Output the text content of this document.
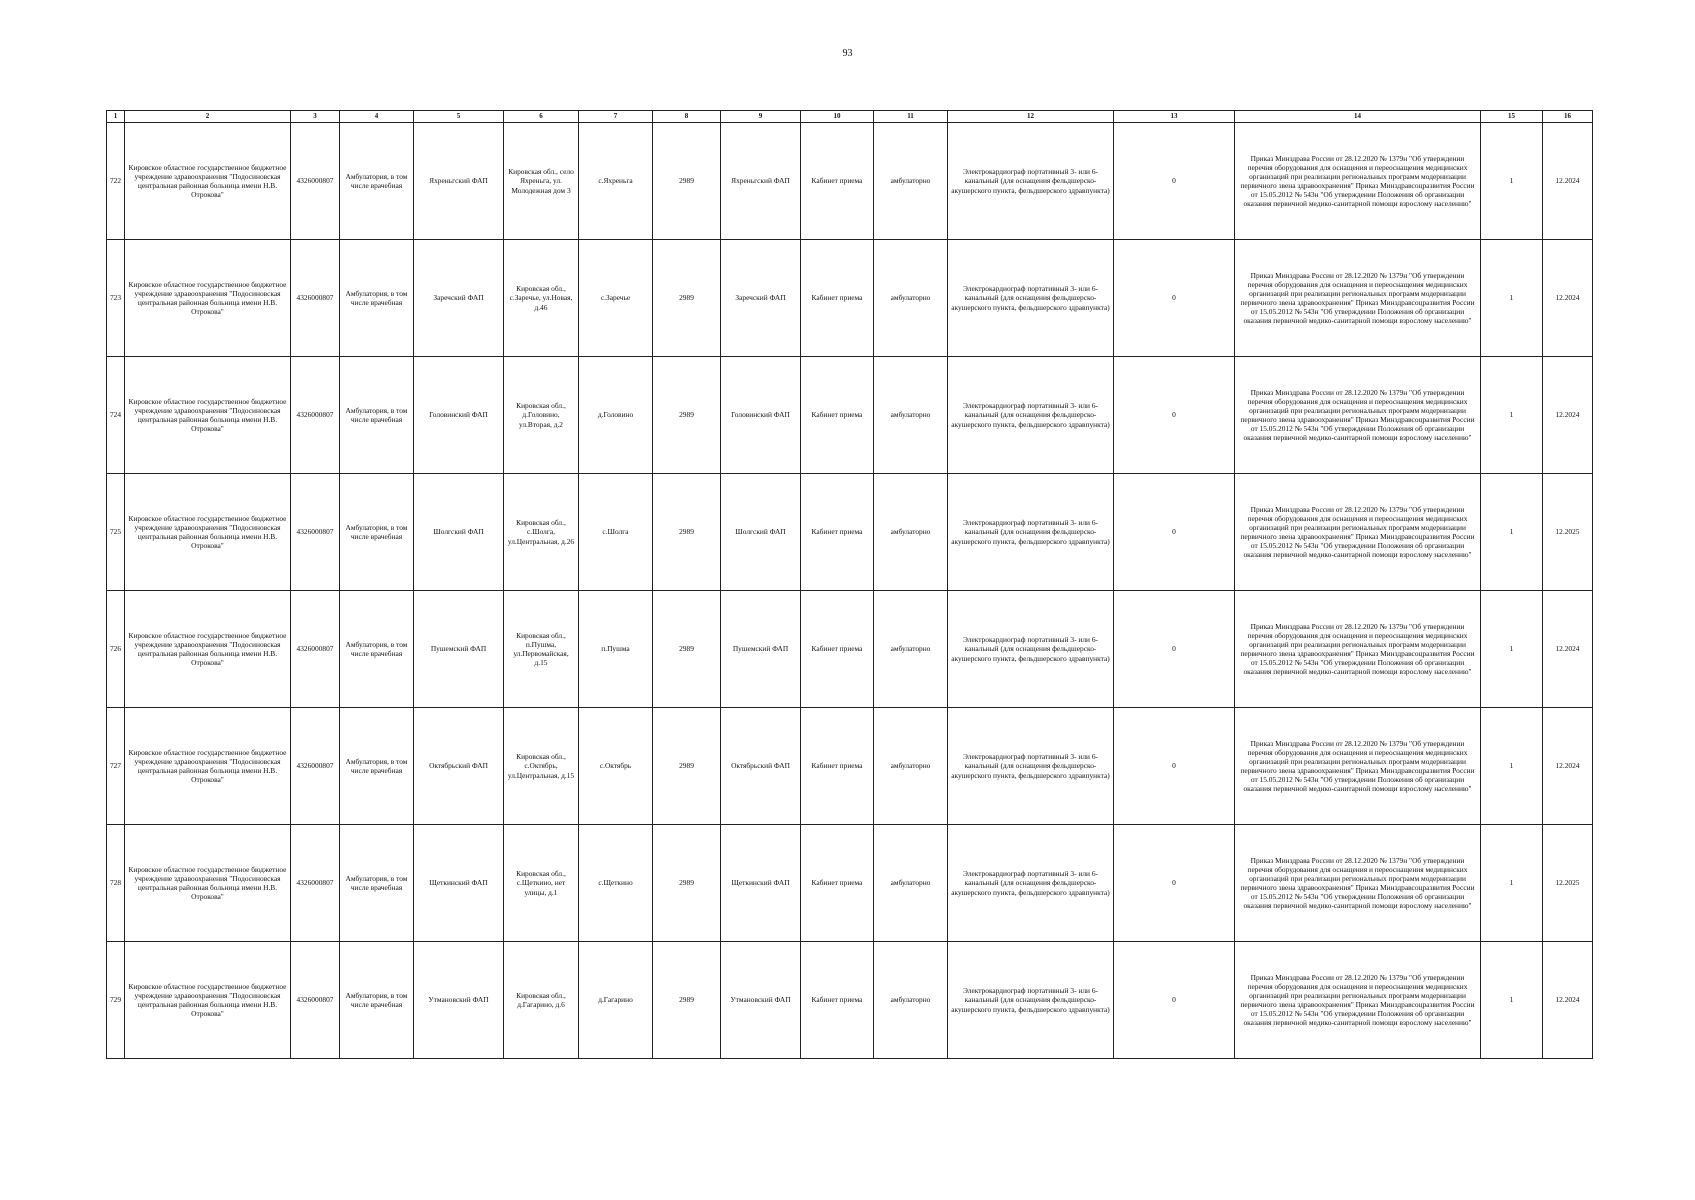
93
1	2	3	4	5	6	7	8	9	10	11	12	13	14	15	16
722	Кировское областное государственное бюджетное учреждение здравоохранения "Подосиновская центральная районная больница имени Н.В. Отрокова"	4326000807	Амбулатория, в том числе врачебная	Яхреньгский ФАП	Кировская обл., село Яхреньга, ул. Молодежная дом 3	с.Яхреньга	2989	Яхреньгский ФАП	Кабинет приема	амбулаторно	Электрокардиограф портативный 3- или 6-канальный (для оснащения фельдшерско-акушерского пункта, фельдшерского здравпункта)	0	Приказ Минздрава России от 28.12.2020 № 1379н "Об утверждении перечня оборудования для оснащения и переоснащения медицинских организаций при реализации региональных программ модернизации первичного звена здравоохранения" Приказ Минздравсоцразвития России от 15.05.2012 № 543н "Об утверждении Положения об организации оказания первичной медико-санитарной помощи взрослому населению"	1	12.2024
723	Кировское областное государственное бюджетное учреждение здравоохранения "Подосиновская центральная районная больница имени Н.В. Отрокова"	4326000807	Амбулатория, в том числе врачебная	Заречский ФАП	Кировская обл., с.Заречье, ул.Новая, д.46	с.Заречье	2989	Заречский ФАП	Кабинет приема	амбулаторно	Электрокардиограф портативный 3- или 6-канальный (для оснащения фельдшерско-акушерского пункта, фельдшерского здравпункта)	0	Приказ Минздрава России от 28.12.2020 № 1379н "Об утверждении перечня оборудования для оснащения и переоснащения медицинских организаций при реализации региональных программ модернизации первичного звена здравоохранения" Приказ Минздравсоцразвития России от 15.05.2012 № 543н "Об утверждении Положения об организации оказания первичной медико-санитарной помощи взрослому населению"	1	12.2024
724	Кировское областное государственное бюджетное учреждение здравоохранения "Подосиновская центральная районная больница имени Н.В. Отрокова"	4326000807	Амбулатория, в том числе врачебная	Головинский ФАП	Кировская обл., д.Головино, ул.Вторая, д.2	д.Головино	2989	Головинский ФАП	Кабинет приема	амбулаторно	Электрокардиограф портативный 3- или 6-канальный (для оснащения фельдшерско-акушерского пункта, фельдшерского здравпункта)	0	Приказ Минздрава России от 28.12.2020 № 1379н "Об утверждении перечня оборудования для оснащения и переоснащения медицинских организаций при реализации региональных программ модернизации первичного звена здравоохранения" Приказ Минздравсоцразвития России от 15.05.2012 № 543н "Об утверждении Положения об организации оказания первичной медико-санитарной помощи взрослому населению"	1	12.2024
725	Кировское областное государственное бюджетное учреждение здравоохранения "Подосиновская центральная районная больница имени Н.В. Отрокова"	4326000807	Амбулатория, в том числе врачебная	Шолгский ФАП	Кировская обл., с.Шолга, ул.Центральная, д.26	с.Шолга	2989	Шолгский ФАП	Кабинет приема	амбулаторно	Электрокардиограф портативный 3- или 6-канальный (для оснащения фельдшерско-акушерского пункта, фельдшерского здравпункта)	0	Приказ Минздрава России от 28.12.2020 № 1379н "Об утверждении перечня оборудования для оснащения и переоснащения медицинских организаций при реализации региональных программ модернизации первичного звена здравоохранения" Приказ Минздравсоцразвития России от 15.05.2012 № 543н "Об утверждении Положения об организации оказания первичной медико-санитарной помощи взрослому населению"	1	12.2025
726	Кировское областное государственное бюджетное учреждение здравоохранения "Подосиновская центральная районная больница имени Н.В. Отрокова"	4326000807	Амбулатория, в том числе врачебная	Пушемский ФАП	Кировская обл., п.Пушма, ул.Первомайская, д.15	п.Пушма	2989	Пушемский ФАП	Кабинет приема	амбулаторно	Электрокардиограф портативный 3- или 6-канальный (для оснащения фельдшерско-акушерского пункта, фельдшерского здравпункта)	0	Приказ Минздрава России от 28.12.2020 № 1379н "Об утверждении перечня оборудования для оснащения и переоснащения медицинских организаций при реализации региональных программ модернизации первичного звена здравоохранения" Приказ Минздравсоцразвития России от 15.05.2012 № 543н "Об утверждении Положения об организации оказания первичной медико-санитарной помощи взрослому населению"	1	12.2024
727	Кировское областное государственное бюджетное учреждение здравоохранения "Подосиновская центральная районная больница имени Н.В. Отрокова"	4326000807	Амбулатория, в том числе врачебная	Октябрьский ФАП	Кировская обл., с.Октябрь, ул.Центральная, д.15	с.Октябрь	2989	Октябрьский ФАП	Кабинет приема	амбулаторно	Электрокардиограф портативный 3- или 6-канальный (для оснащения фельдшерско-акушерского пункта, фельдшерского здравпункта)	0	Приказ Минздрава России от 28.12.2020 № 1379н "Об утверждении перечня оборудования для оснащения и переоснащения медицинских организаций при реализации региональных программ модернизации первичного звена здравоохранения" Приказ Минздравсоцразвития России от 15.05.2012 № 543н "Об утверждении Положения об организации оказания первичной медико-санитарной помощи взрослому населению"	1	12.2024
728	Кировское областное государственное бюджетное учреждение здравоохранения "Подосиновская центральная районная больница имени Н.В. Отрокова"	4326000807	Амбулатория, в том числе врачебная	Щеткинский ФАП	Кировская обл., с.Щеткино, нет улицы, д.1	с.Щеткино	2989	Щеткинский ФАП	Кабинет приема	амбулаторно	Электрокардиограф портативный 3- или 6-канальный (для оснащения фельдшерско-акушерского пункта, фельдшерского здравпункта)	0	Приказ Минздрава России от 28.12.2020 № 1379н "Об утверждении перечня оборудования для оснащения и переоснащения медицинских организаций при реализации региональных программ модернизации первичного звена здравоохранения" Приказ Минздравсоцразвития России от 15.05.2012 № 543н "Об утверждении Положения об организации оказания первичной медико-санитарной помощи взрослому населению"	1	12.2025
729	Кировское областное государственное бюджетное учреждение здравоохранения "Подосиновская центральная районная больница имени Н.В. Отрокова"	4326000807	Амбулатория, в том числе врачебная	Утмановский ФАП	Кировская обл., д.Гагарино, д.6	д.Гагарино	2989	Утмановский ФАП	Кабинет приема	амбулаторно	Электрокардиограф портативный 3- или 6-канальный (для оснащения фельдшерско-акушерского пункта, фельдшерского здравпункта)	0	Приказ Минздрава России от 28.12.2020 № 1379н "Об утверждении перечня оборудования для оснащения и переоснащения медицинских организаций при реализации региональных программ модернизации первичного звена здравоохранения" Приказ Минздравсоцразвития России от 15.05.2012 № 543н "Об утверждении Положения об организации оказания первичной медико-санитарной помощи взрослому населению"	1	12.2024
